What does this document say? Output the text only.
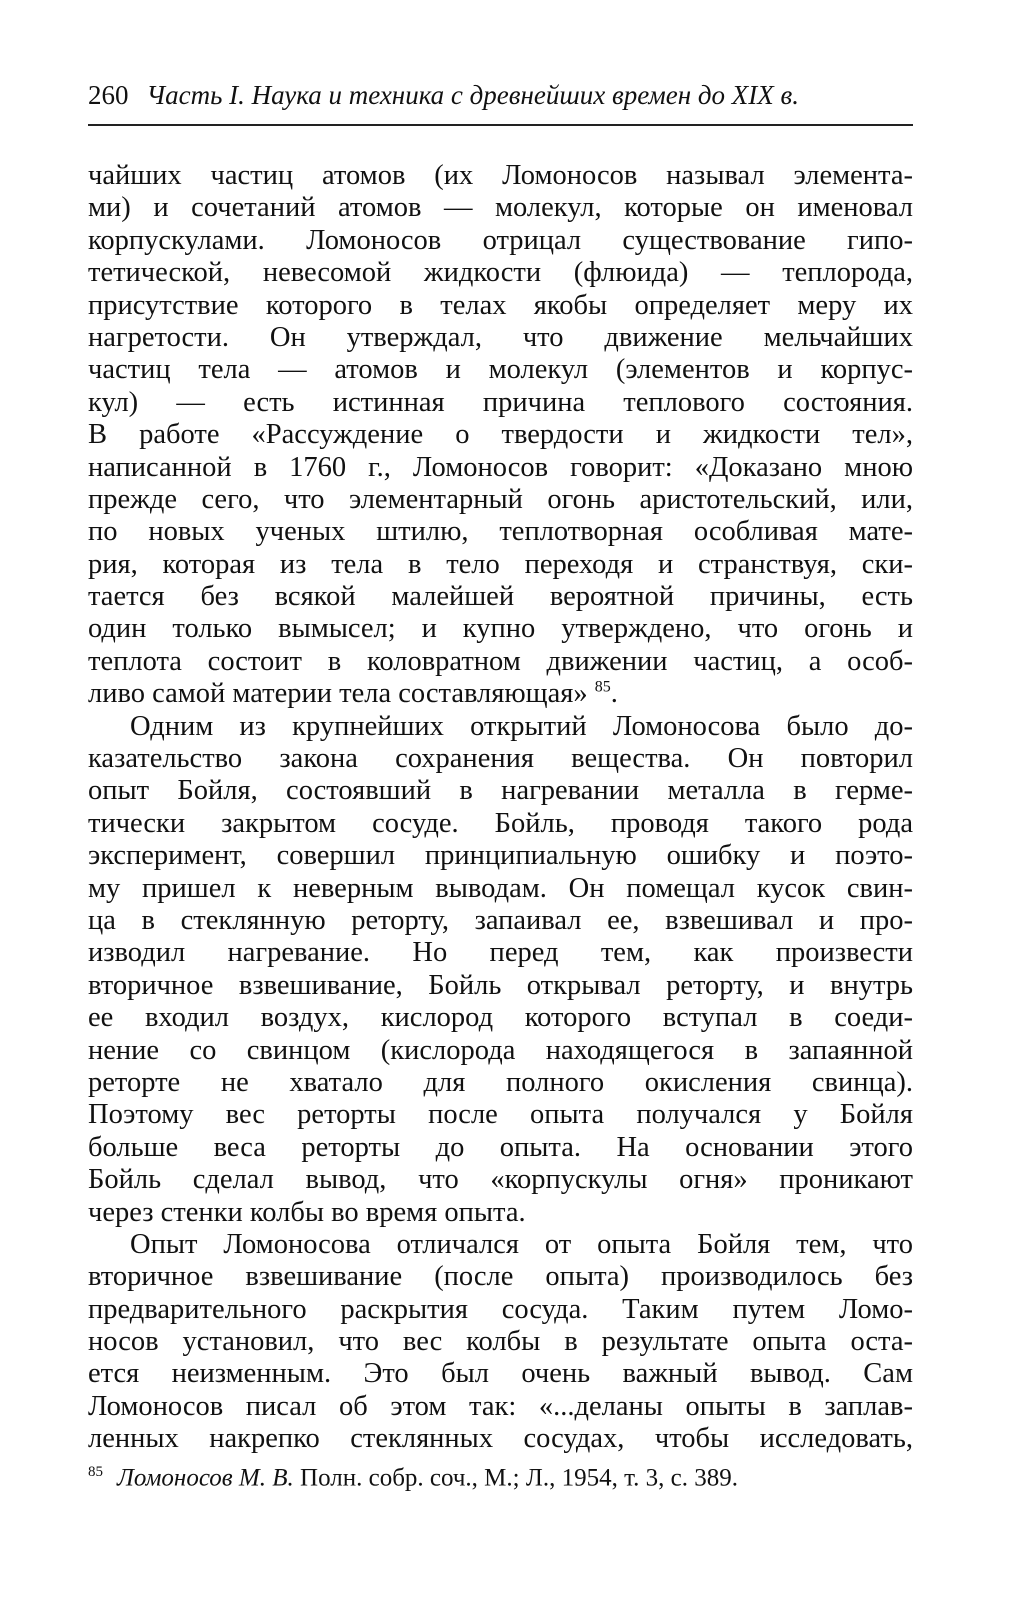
260 Часть I. Наука и техника с древнейших времен до XIX в.
чайших частиц атомов (их Ломоносов называл элемента-
ми) и сочетаний атомов — молекул, которые он именовал
корпускулами. Ломоносов отрицал существование гипо-
тетической, невесомой жидкости (флюида) — теплорода,
присутствие которого в телах якобы определяет меру их
нагретости. Он утверждал, что движение мельчайших
частиц тела — атомов и молекул (элементов и корпус-
кул) — есть истинная причина теплового состояния.
В работе «Рассуждение о твердости и жидкости тел»,
написанной в 1760 г., Ломоносов говорит: «Доказано мною
прежде сего, что элементарный огонь аристотельский, или,
по новых ученых штилю, теплотворная особливая мате-
рия, которая из тела в тело переходя и странствуя, ски-
тается без всякой малейшей вероятной причины, есть
один только вымысел; и купно утверждено, что огонь и
теплота состоит в коловратном движении частиц, а особ-
ливо самой материи тела составляющая» $^{85}$.
Одним из крупнейших открытий Ломоносова было до-
казательство закона сохранения вещества. Он повторил
опыт Бойля, состоявший в нагревании металла в герме-
тически закрытом сосуде. Бойль, проводя такого рода
эксперимент, совершил принципиальную ошибку и поэто-
му пришел к неверным выводам. Он помещал кусок свин-
ца в стеклянную реторту, запаивал ее, взвешивал и про-
изводил нагревание. Но перед тем, как произвести
вторичное взвешивание, Бойль открывал реторту, и внутрь
ее входил воздух, кислород которого вступал в соеди-
нение со свинцом (кислорода находящегося в запаянной
реторте не хватало для полного окисления свинца).
Поэтому вес реторты после опыта получался у Бойля
больше веса реторты до опыта. На основании этого
Бойль сделал вывод, что «корпускулы огня» проникают
через стенки колбы во время опыта.
Опыт Ломоносова отличался от опыта Бойля тем, что
вторичное взвешивание (после опыта) производилось без
предварительного раскрытия сосуда. Таким путем Ломо-
носов установил, что вес колбы в результате опыта оста-
ется неизменным. Это был очень важный вывод. Сам
Ломоносов писал об этом так: «...деланы опыты в заплав-
ленных накрепко стеклянных сосудах, чтобы исследовать,
$^{85}$ Ломоносов М. В. Полн. собр. соч., М.; Л., 1954, т. 3, с. 389.
